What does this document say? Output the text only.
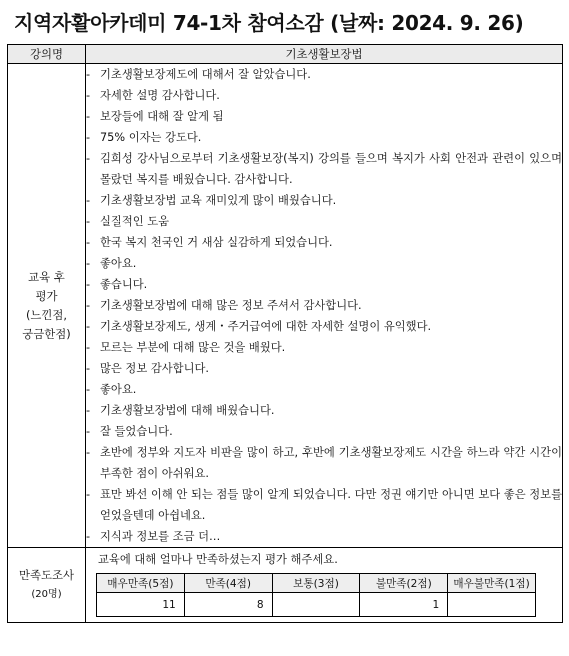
지역자활아카데미 74-1차 참여소감 (날짜: 2024. 9. 26)
강의명	기초생활보장법

교육 후
평가
(느낀점,
궁금한점)

- 기초생활보장제도에 대해서 잘 알았습니다.
- 자세한 설명 감사합니다.
- 보장들에 대해 잘 알게 됨
- 75% 이자는 강도다.
- 김희성 강사님으로부터 기초생활보장(복지) 강의를 들으며 복지가 사회 안전과 관련이 있으며 몰랐던 복지를 배웠습니다. 감사합니다.
- 기초생활보장법 교육 재미있게 많이 배웠습니다.
- 실질적인 도움
- 한국 복지 천국인 거 새삼 실감하게 되었습니다.
- 좋아요.
- 좋습니다.
- 기초생활보장법에 대해 많은 정보 주셔서 감사합니다.
- 기초생활보장제도, 생계・주거급여에 대한 자세한 설명이 유익했다.
- 모르는 부분에 대해 많은 것을 배웠다.
- 많은 정보 감사합니다.
- 좋아요.
- 기초생활보장법에 대해 배웠습니다.
- 잘 들었습니다.
- 초반에 정부와 지도자 비판을 많이 하고, 후반에 기초생활보장제도 시간을 하느라 약간 시간이 부족한 점이 아쉬워요.
- 표만 봐선 이해 안 되는 점들 많이 알게 되었습니다. 다만 정권 얘기만 아니면 보다 좋은 정보를 얻었을텐데 아쉽네요.
- 지식과 정보를 조금 더…

만족도조사
(20명)

교육에 대해 얼마나 만족하셨는지 평가 해주세요.
매우만족(5점)	만족(4점)	보통(3점)	불만족(2점)	매우불만족(1점)
11	8		1	
